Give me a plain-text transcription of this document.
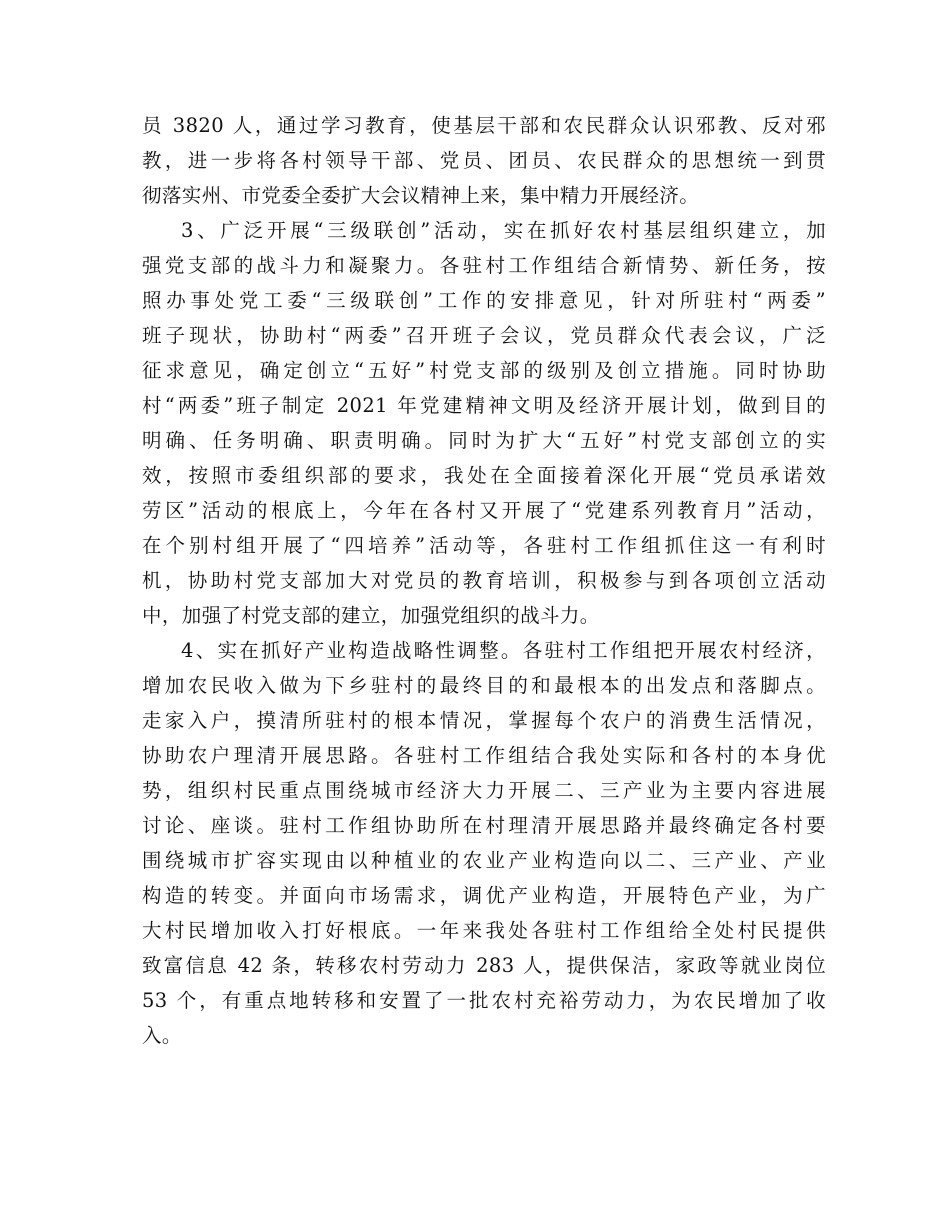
员 3820 人，通过学习教育，使基层干部和农民群众认识邪教、反对邪
教，进一步将各村领导干部、党员、团员、农民群众的思想统一到贯
彻落实州、市党委全委扩大会议精神上来，集中精力开展经济。
3、广泛开展“三级联创”活动，实在抓好农村基层组织建立，加
强党支部的战斗力和凝聚力。各驻村工作组结合新情势、新任务，按
照办事处党工委“三级联创”工作的安排意见，针对所驻村“两委”
班子现状，协助村“两委”召开班子会议，党员群众代表会议，广泛
征求意见，确定创立“五好”村党支部的级别及创立措施。同时协助
村“两委”班子制定 2021 年党建精神文明及经济开展计划，做到目的
明确、任务明确、职责明确。同时为扩大“五好”村党支部创立的实
效，按照市委组织部的要求，我处在全面接着深化开展“党员承诺效
劳区”活动的根底上，今年在各村又开展了“党建系列教育月”活动，
在个别村组开展了“四培养”活动等，各驻村工作组抓住这一有利时
机，协助村党支部加大对党员的教育培训，积极参与到各项创立活动
中，加强了村党支部的建立，加强党组织的战斗力。
4、实在抓好产业构造战略性调整。各驻村工作组把开展农村经济，
增加农民收入做为下乡驻村的最终目的和最根本的出发点和落脚点。
走家入户，摸清所驻村的根本情况，掌握每个农户的消费生活情况，
协助农户理清开展思路。各驻村工作组结合我处实际和各村的本身优
势，组织村民重点围绕城市经济大力开展二、三产业为主要内容进展
讨论、座谈。驻村工作组协助所在村理清开展思路并最终确定各村要
围绕城市扩容实现由以种植业的农业产业构造向以二、三产业、产业
构造的转变。并面向市场需求，调优产业构造，开展特色产业，为广
大村民增加收入打好根底。一年来我处各驻村工作组给全处村民提供
致富信息 42 条，转移农村劳动力 283 人，提供保洁，家政等就业岗位
53 个，有重点地转移和安置了一批农村充裕劳动力，为农民增加了收
入。
